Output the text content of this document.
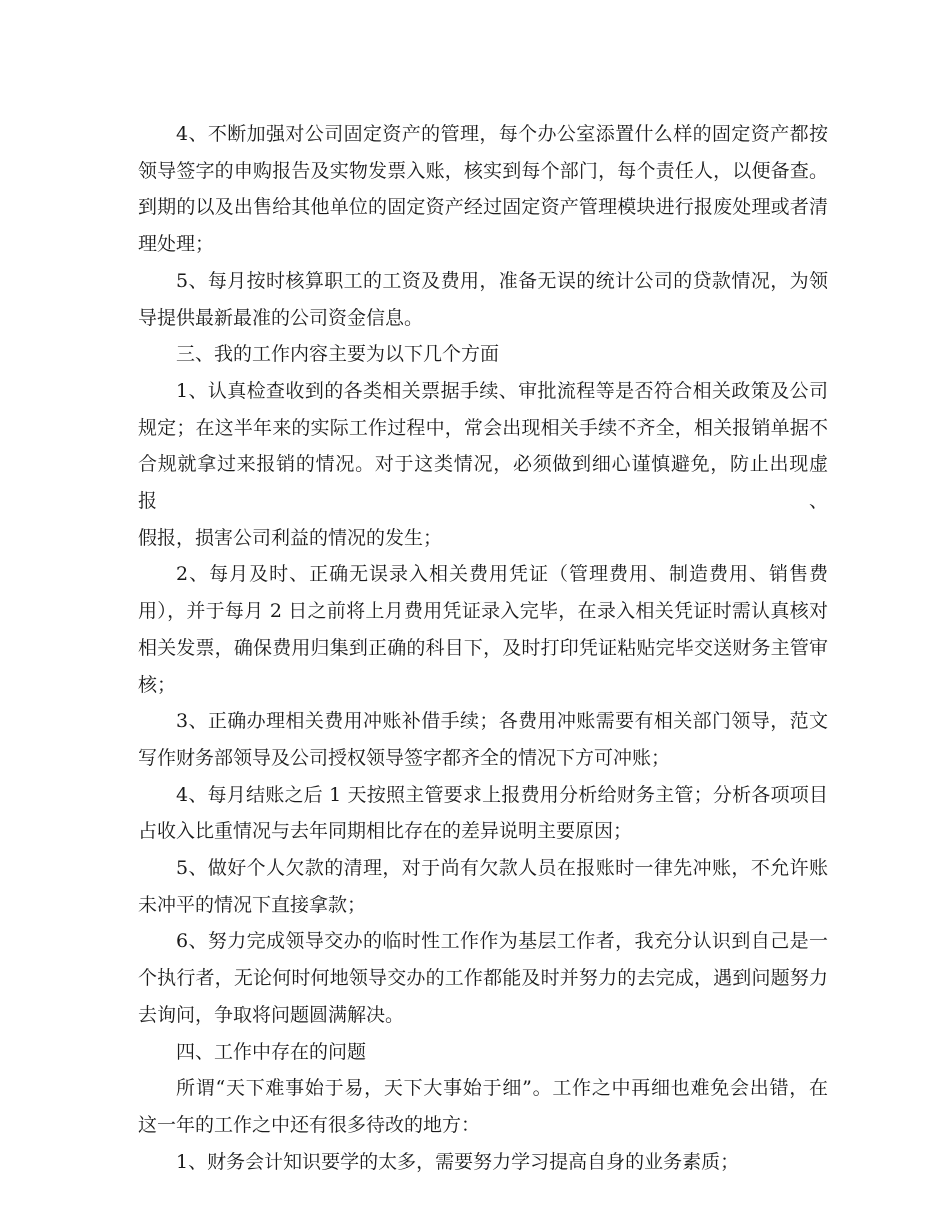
4、不断加强对公司固定资产的管理，每个办公室添置什么样的固定资产都按
领导签字的申购报告及实物发票入账，核实到每个部门，每个责任人，以便备查。
到期的以及出售给其他单位的固定资产经过固定资产管理模块进行报废处理或者清
理处理；
5、每月按时核算职工的工资及费用，准备无误的统计公司的贷款情况，为领
导提供最新最准的公司资金信息。
三、我的工作内容主要为以下几个方面
1、认真检查收到的各类相关票据手续、审批流程等是否符合相关政策及公司
规定；在这半年来的实际工作过程中，常会出现相关手续不齐全，相关报销单据不
合规就拿过来报销的情况。对于这类情况，必须做到细心谨慎避免，防止出现虚报、
假报，损害公司利益的情况的发生；
2、每月及时、正确无误录入相关费用凭证（管理费用、制造费用、销售费
用），并于每月 2 日之前将上月费用凭证录入完毕，在录入相关凭证时需认真核对
相关发票，确保费用归集到正确的科目下，及时打印凭证粘贴完毕交送财务主管审
核；
3、正确办理相关费用冲账补借手续；各费用冲账需要有相关部门领导，范文
写作财务部领导及公司授权领导签字都齐全的情况下方可冲账；
4、每月结账之后 1 天按照主管要求上报费用分析给财务主管；分析各项项目
占收入比重情况与去年同期相比存在的差异说明主要原因；
5、做好个人欠款的清理，对于尚有欠款人员在报账时一律先冲账，不允许账
未冲平的情况下直接拿款；
6、努力完成领导交办的临时性工作作为基层工作者，我充分认识到自己是一
个执行者，无论何时何地领导交办的工作都能及时并努力的去完成，遇到问题努力
去询问，争取将问题圆满解决。
四、工作中存在的问题
所谓“天下难事始于易，天下大事始于细”。工作之中再细也难免会出错，在
这一年的工作之中还有很多待改的地方：
1、财务会计知识要学的太多，需要努力学习提高自身的业务素质；
